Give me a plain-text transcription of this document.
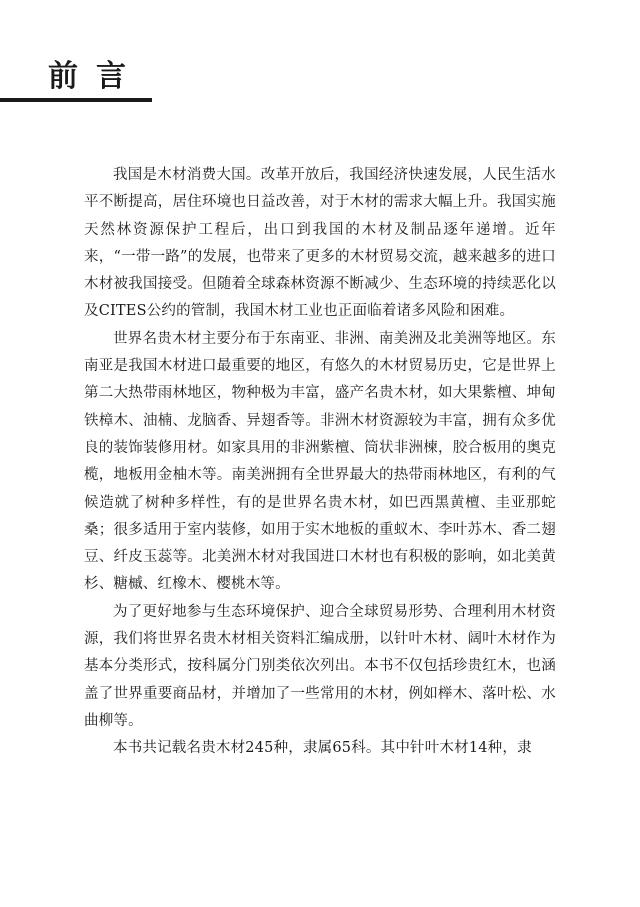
前言

我国是木材消费大国。改革开放后，我国经济快速发展，人民生活水平不断提高，居住环境也日益改善，对于木材的需求大幅上升。我国实施天然林资源保护工程后，出口到我国的木材及制品逐年递增。近年来，“一带一路”的发展，也带来了更多的木材贸易交流，越来越多的进口木材被我国接受。但随着全球森林资源不断减少、生态环境的持续恶化以及CITES公约的管制，我国木材工业也正面临着诸多风险和困难。

世界名贵木材主要分布于东南亚、非洲、南美洲及北美洲等地区。东南亚是我国木材进口最重要的地区，有悠久的木材贸易历史，它是世界上第二大热带雨林地区，物种极为丰富，盛产名贵木材，如大果紫檀、坤甸铁樟木、油楠、龙脑香、异翅香等。非洲木材资源较为丰富，拥有众多优良的装饰装修用材。如家具用的非洲紫檀、筒状非洲楝，胶合板用的奥克榄，地板用金柚木等。南美洲拥有全世界最大的热带雨林地区，有利的气候造就了树种多样性，有的是世界名贵木材，如巴西黑黄檀、圭亚那蛇桑；很多适用于室内装修，如用于实木地板的重蚁木、李叶苏木、香二翅豆、纤皮玉蕊等。北美洲木材对我国进口木材也有积极的影响，如北美黄杉、糖槭、红橡木、樱桃木等。

为了更好地参与生态环境保护、迎合全球贸易形势、合理利用木材资源，我们将世界名贵木材相关资料汇编成册，以针叶木材、阔叶木材作为基本分类形式，按科属分门别类依次列出。本书不仅包括珍贵红木，也涵盖了世界重要商品材，并增加了一些常用的木材，例如榉木、落叶松、水曲柳等。

本书共记载名贵木材245种，隶属65科。其中针叶木材14种，隶
